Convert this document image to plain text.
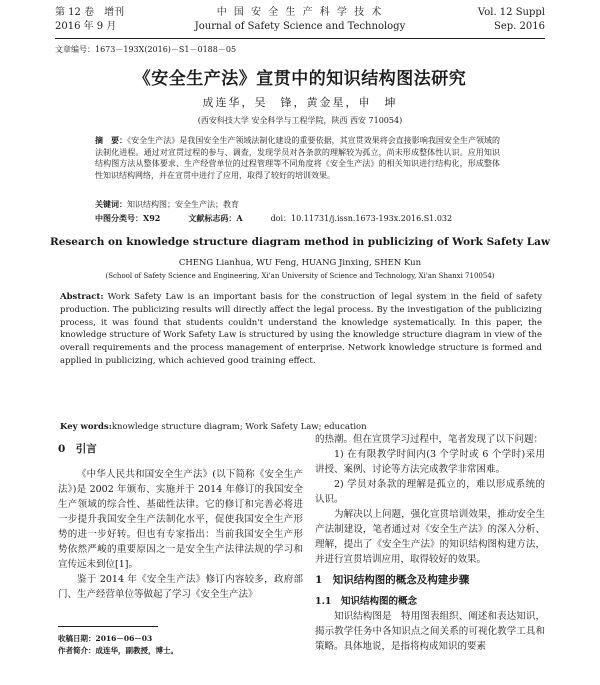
第 12 卷　增刊
2016 年 9 月
中 国 安 全 生 产 科 学 技 术
Journal of Safety Science and Technology
Vol. 12 Suppl
Sep. 2016
文章编号：1673－193X(2016)－S1－0188－05
《安全生产法》宣贯中的知识结构图法研究
成连华，吴　锋，黄金星，申　坤
(西安科技大学 安全科学与工程学院，陕西 西安 710054)
摘　要：《安全生产法》是我国安全生产领域法制化建设的重要依据，其宣贯效果将会直接影响我国安全生产领域的法制化进程。通过对宣贯过程的参与、调查，发现学员对各条款的理解较为孤立，尚未形成整体性认识。应用知识结构图方法从整体要求、生产经营单位的过程管理等不同角度将《安全生产法》的相关知识进行结构化，形成整体性知识结构网络，并在宣贯中进行了应用，取得了较好的培训效果。
关键词：知识结构图；安全生产法；教育
中图分类号：X92	文献标志码：A	doi：10.11731/j.issn.1673-193x.2016.S1.032
Research on knowledge structure diagram method in publicizing of Work Safety Law
CHENG Lianhua, WU Feng, HUANG Jinxing, SHEN Kun
(School of Safety Science and Engineering, Xi'an University of Science and Technology, Xi'an Shanxi 710054)
Abstract: Work Safety Law is an important basis for the construction of legal system in the field of safety production. The publicizing results will directly affect the legal process. By the investigation of the publicizing process, it was found that students couldn't understand the knowledge systematically. In this paper, the knowledge structure of Work Safety Law is structured by using the knowledge structure diagram in view of the overall requirements and the process management of enterprise. Network knowledge structure is formed and applied in publicizing, which achieved good training effect.
Key words:knowledge structure diagram; Work Safety Law; education
0　引言
《中华人民共和国安全生产法》(以下简称《安全生产法》)是 2002 年颁布、实施并于 2014 年修订的我国安全生产领域的综合性、基础性法律。它的修订和完善必将进一步提升我国安全生产法制化水平，促使我国安全生产形势的进一步好转。但也有专家指出：当前我国安全生产形势依然严峻的重要原因之一是安全生产法律法规的学习和宣传远未到位[1]。
鉴于 2014 年《安全生产法》修订内容较多，政府部门、生产经营单位等做起了学习《安全生产法》
的热潮。但在宣贯学习过程中，笔者发现了以下问题：
1) 在有限教学时间内(3 个学时或 6 个学时)采用讲授、案例、讨论等方法完成教学非常困难。
2) 学员对条款的理解是孤立的，难以形成系统的认识。
为解决以上问题，强化宣贯培训效果，推动安全生产法制建设，笔者通过对《安全生产法》的深入分析、理解，提出了《安全生产法》的知识结构图构建方法，并进行宣贯培训应用，取得较好的效果。
1　知识结构图的概念及构建步骤
1.1　知识结构图的概念
知识结构图是　特用图表组织、阐述和表达知识，揭示教学任务中各知识点之间关系的可视化教学工具和策略。具体地说，是指将构成知识的要素
收稿日期：2016－06－03
作者简介：成连华，副教授，博士。
